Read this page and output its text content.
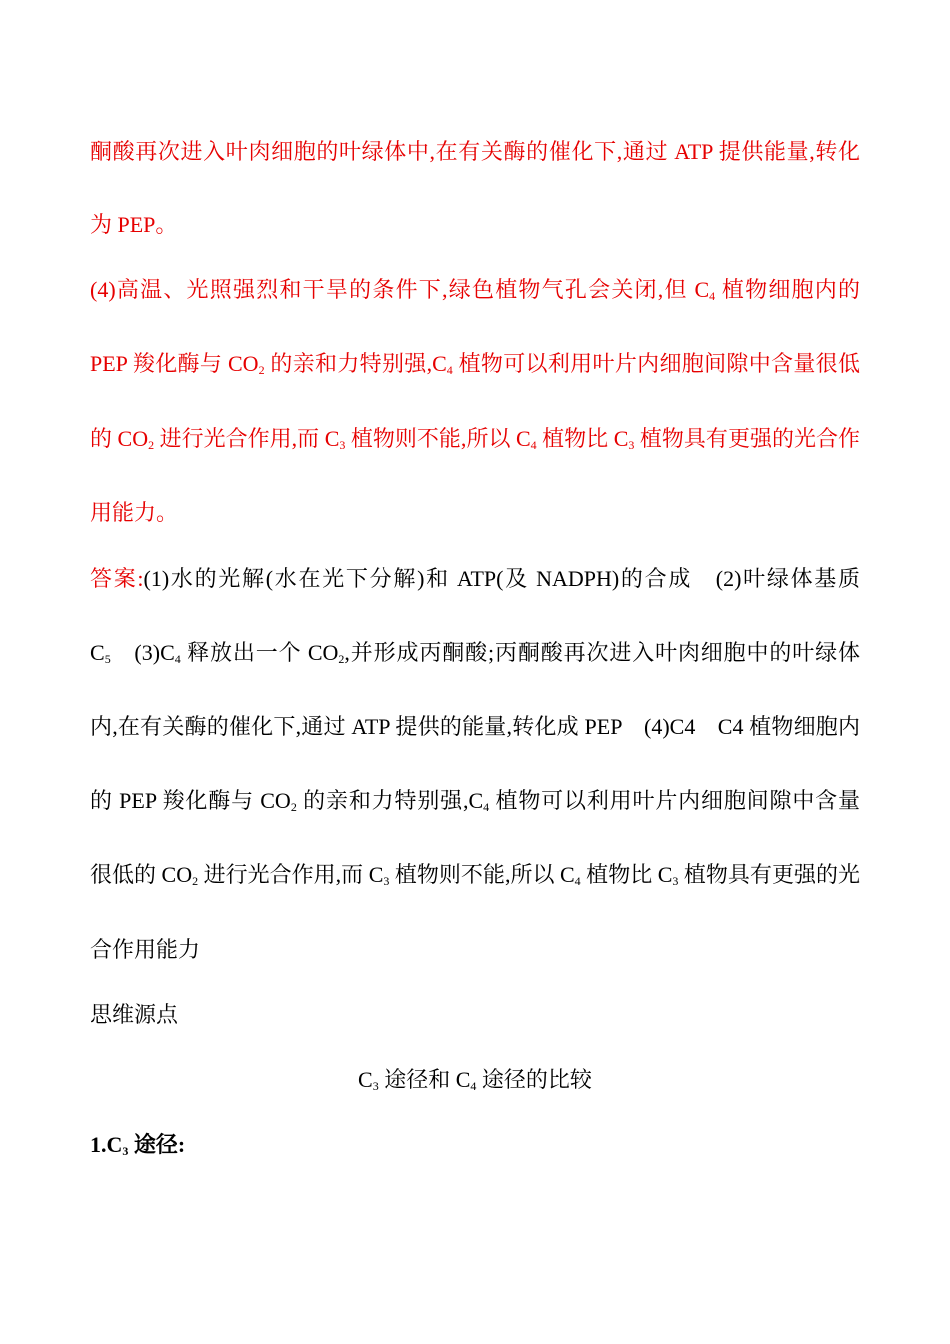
酮酸再次进入叶肉细胞的叶绿体中,在有关酶的催化下,通过 ATP 提供能量,转化
为 PEP。
(4)高温、光照强烈和干旱的条件下,绿色植物气孔会关闭,但 $C_4$ 植物细胞内的
PEP 羧化酶与 $CO_2$ 的亲和力特别强$,C_4$ 植物可以利用叶片内细胞间隙中含量很低
的 $CO_2$ 进行光合作用,而 $C_3$ 植物则不能,所以 $C_4$ 植物比 $C_3$ 植物具有更强的光合作
用能力。
答案:(1)水的光解(水在光下分解)和 ATP(及 NADPH)的合成　(2)叶绿体基质
$C_5$　$(3)C_4$ 释放出一个 $CO_2$,并形成丙酮酸;丙酮酸再次进入叶肉细胞中的叶绿体
内,在有关酶的催化下,通过 ATP 提供的能量,转化成 PEP　(4)C4　C4 植物细胞内
的 PEP 羧化酶与 $CO_2$ 的亲和力特别强$,C_4$ 植物可以利用叶片内细胞间隙中含量
很低的 $CO_2$ 进行光合作用,而 $C_3$ 植物则不能,所以 $C_4$ 植物比 $C_3$ 植物具有更强的光
合作用能力
思维源点
$C_3$ 途径和 $C_4$ 途径的比较
$1.C_3$ 途径:
